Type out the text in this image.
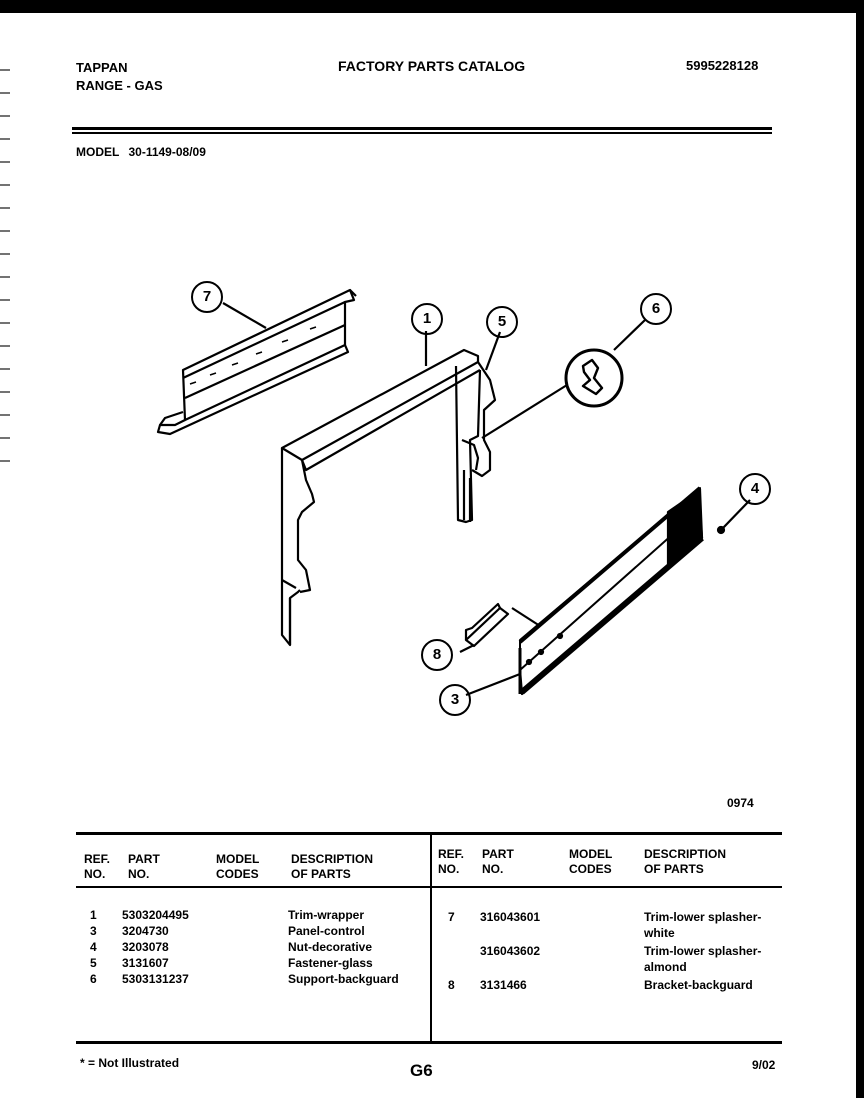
TAPPAN
RANGE - GAS
FACTORY PARTS CATALOG	5995228128
MODEL 30-1149-08/09
7
1	5
6
4
8
3
0974
REF.
NO.
PART
NO.
MODEL
CODES
DESCRIPTION
OF PARTS
REF.
NO.
PART
NO.
MODEL
CODES
DESCRIPTION
OF PARTS
1 5303204495	Trim-wrapper
3 3204730	Panel-control
4 3203078	Nut-decorative
5 3131607	Fastener-glass
6 5303131237	Support-backguard
7 316043601	Trim-lower splasher-
white
316043602	Trim-lower splasher-
almond
8 3131466	Bracket-backguard
* = Not Illustrated	G6	9/02
